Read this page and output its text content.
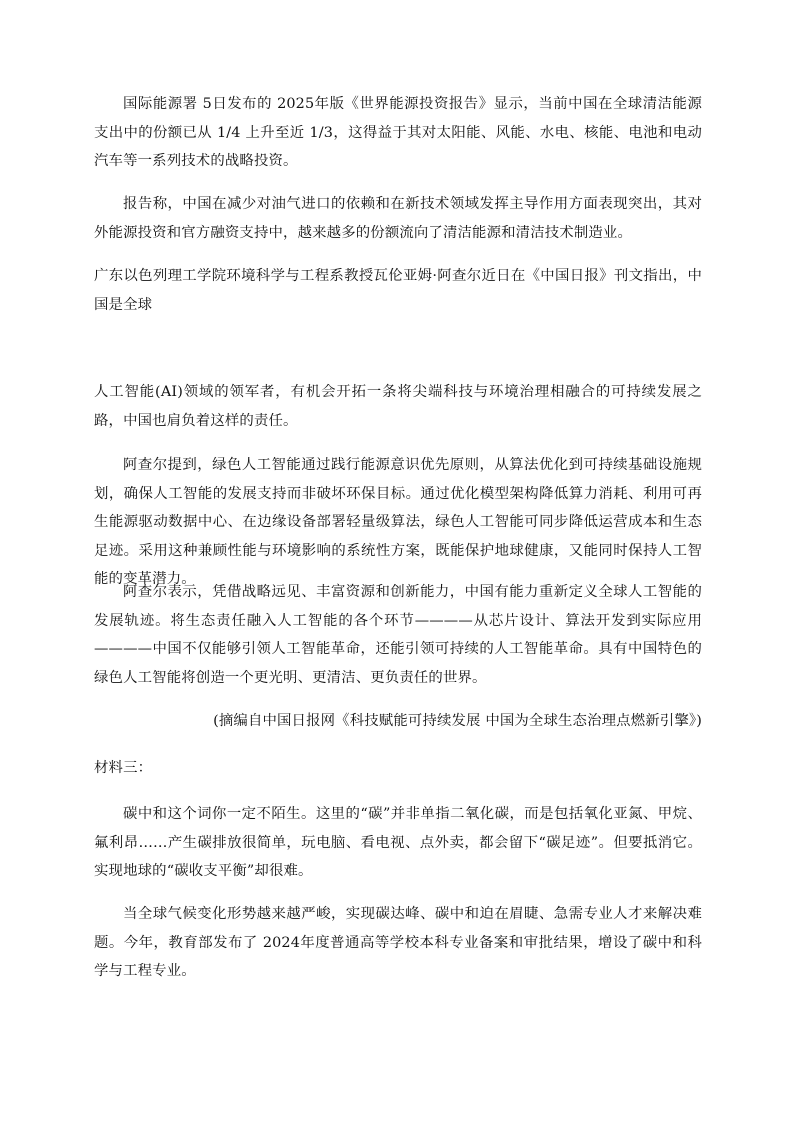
国际能源署 5日发布的 2025年版《世界能源投资报告》显示，当前中国在全球清洁能源支出中的份额已从 1/4 上升至近 1/3，这得益于其对太阳能、风能、水电、核能、电池和电动汽车等一系列技术的战略投资。

报告称，中国在减少对油气进口的依赖和在新技术领域发挥主导作用方面表现突出，其对外能源投资和官方融资支持中，越来越多的份额流向了清洁能源和清洁技术制造业。

广东以色列理工学院环境科学与工程系教授瓦伦亚姆·阿查尔近日在《中国日报》刊文指出，中国是全球

人工智能(AI)领域的领军者，有机会开拓一条将尖端科技与环境治理相融合的可持续发展之路，中国也肩负着这样的责任。

阿查尔提到，绿色人工智能通过践行能源意识优先原则，从算法优化到可持续基础设施规划，确保人工智能的发展支持而非破坏环保目标。通过优化模型架构降低算力消耗、利用可再生能源驱动数据中心、在边缘设备部署轻量级算法，绿色人工智能可同步降低运营成本和生态足迹。采用这种兼顾性能与环境影响的系统性方案，既能保护地球健康，又能同时保持人工智能的变革潜力。

阿查尔表示，凭借战略远见、丰富资源和创新能力，中国有能力重新定义全球人工智能的发展轨迹。将生态责任融入人工智能的各个环节————从芯片设计、算法开发到实际应用————中国不仅能够引领人工智能革命，还能引领可持续的人工智能革命。具有中国特色的绿色人工智能将创造一个更光明、更清洁、更负责任的世界。

(摘编自中国日报网《科技赋能可持续发展 中国为全球生态治理点燃新引擎》)

材料三：

碳中和这个词你一定不陌生。这里的“碳”并非单指二氧化碳，而是包括氧化亚氮、甲烷、氟利昂……产生碳排放很简单，玩电脑、看电视、点外卖，都会留下“碳足迹”。但要抵消它。实现地球的“碳收支平衡”却很难。

当全球气候变化形势越来越严峻，实现碳达峰、碳中和迫在眉睫、急需专业人才来解决难题。今年，教育部发布了 2024年度普通高等学校本科专业备案和审批结果，增设了碳中和科学与工程专业。
